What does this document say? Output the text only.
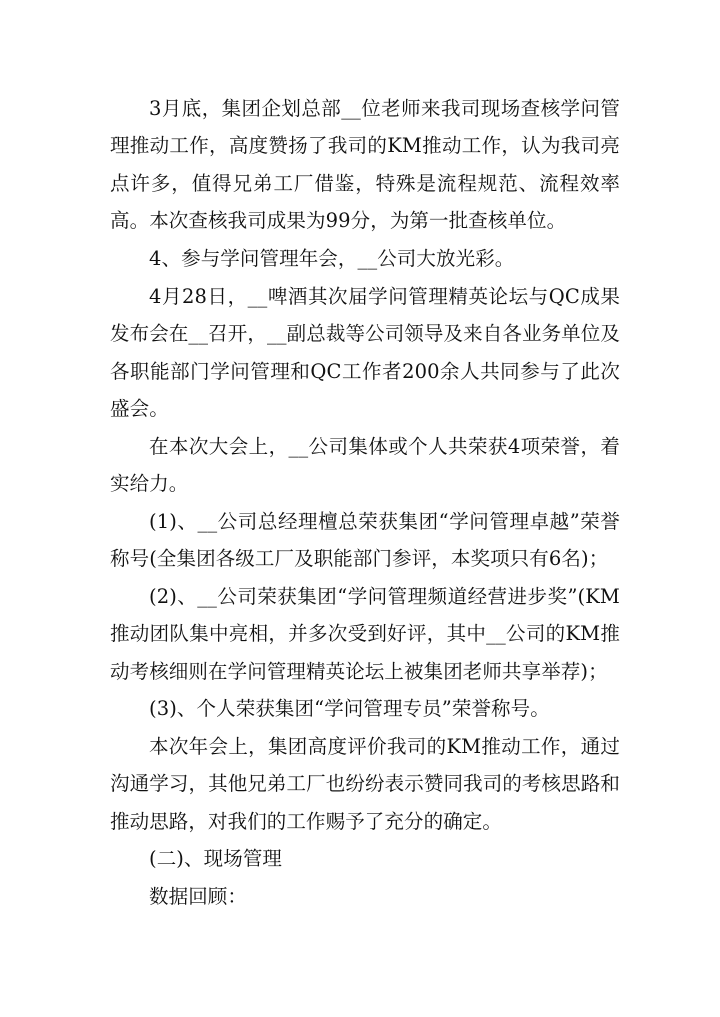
3月底，集团企划总部__位老师来我司现场查核学问管理推动工作，高度赞扬了我司的KM推动工作，认为我司亮点许多，值得兄弟工厂借鉴，特殊是流程规范、流程效率高。本次查核我司成果为99分，为第一批查核单位。

4、参与学问管理年会，__公司大放光彩。

4月28日，__啤酒其次届学问管理精英论坛与QC成果发布会在__召开，__副总裁等公司领导及来自各业务单位及各职能部门学问管理和QC工作者200余人共同参与了此次盛会。

在本次大会上，__公司集体或个人共荣获4项荣誉，着实给力。

(1)、__公司总经理檀总荣获集团“学问管理卓越”荣誉称号(全集团各级工厂及职能部门参评，本奖项只有6名)；

(2)、__公司荣获集团“学问管理频道经营进步奖”(KM推动团队集中亮相，并多次受到好评，其中__公司的KM推动考核细则在学问管理精英论坛上被集团老师共享举荐)；

(3)、个人荣获集团“学问管理专员”荣誉称号。

本次年会上，集团高度评价我司的KM推动工作，通过沟通学习，其他兄弟工厂也纷纷表示赞同我司的考核思路和推动思路，对我们的工作赐予了充分的确定。

(二)、现场管理

数据回顾：
